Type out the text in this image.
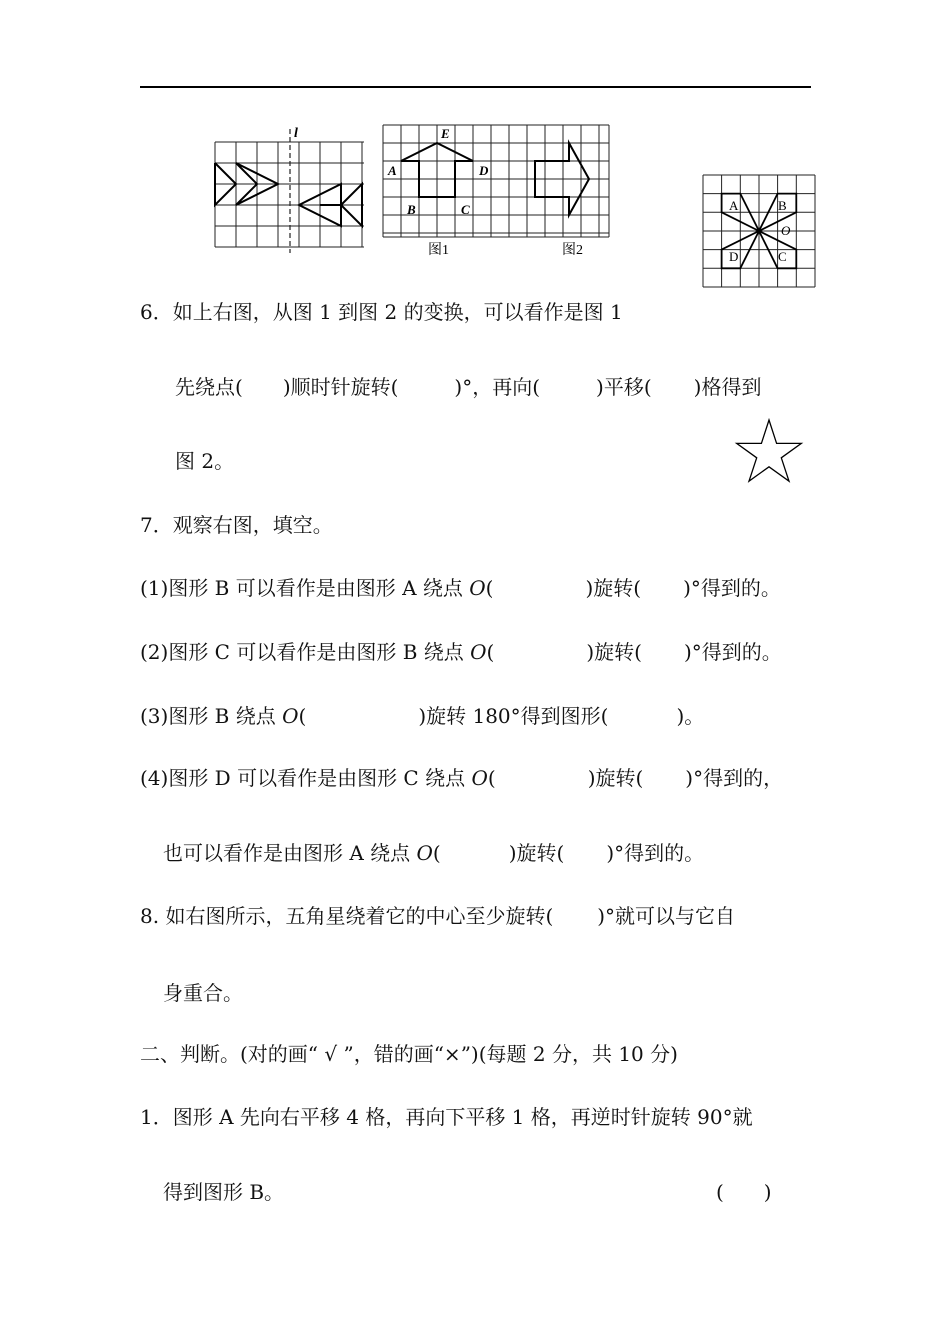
l	E
A	D
B	C
图1	图2
A	B
O
D	C
6．如上右图，从图 1 到图 2 的变换，可以看作是图 1
先绕点( )顺时针旋转(	)°，再向(	)平移( )格得到
图 2。
7．观察右图，填空。
(1)图形 B 可以看作是由图形 A 绕点 O(	)旋转( )°得到的。
(2)图形 C 可以看作是由图形 B 绕点 O(	)旋转( )°得到的。
(3)图形 B 绕点 O(	)旋转 180°得到图形(	)。
(4)图形 D 可以看作是由图形 C 绕点 O(	)旋转( )°得到的，
也可以看作是由图形 A 绕点 O(	)旋转( )°得到的。
8. 如右图所示，五角星绕着它的中心至少旋转( )°就可以与它自
身重合。
二、判断。(对的画“ √ ”，错的画“×”)(每题 2 分，共 10 分)
1．图形 A 先向右平移 4 格，再向下平移 1 格，再逆时针旋转 90°就
得到图形 B。	(　　)
